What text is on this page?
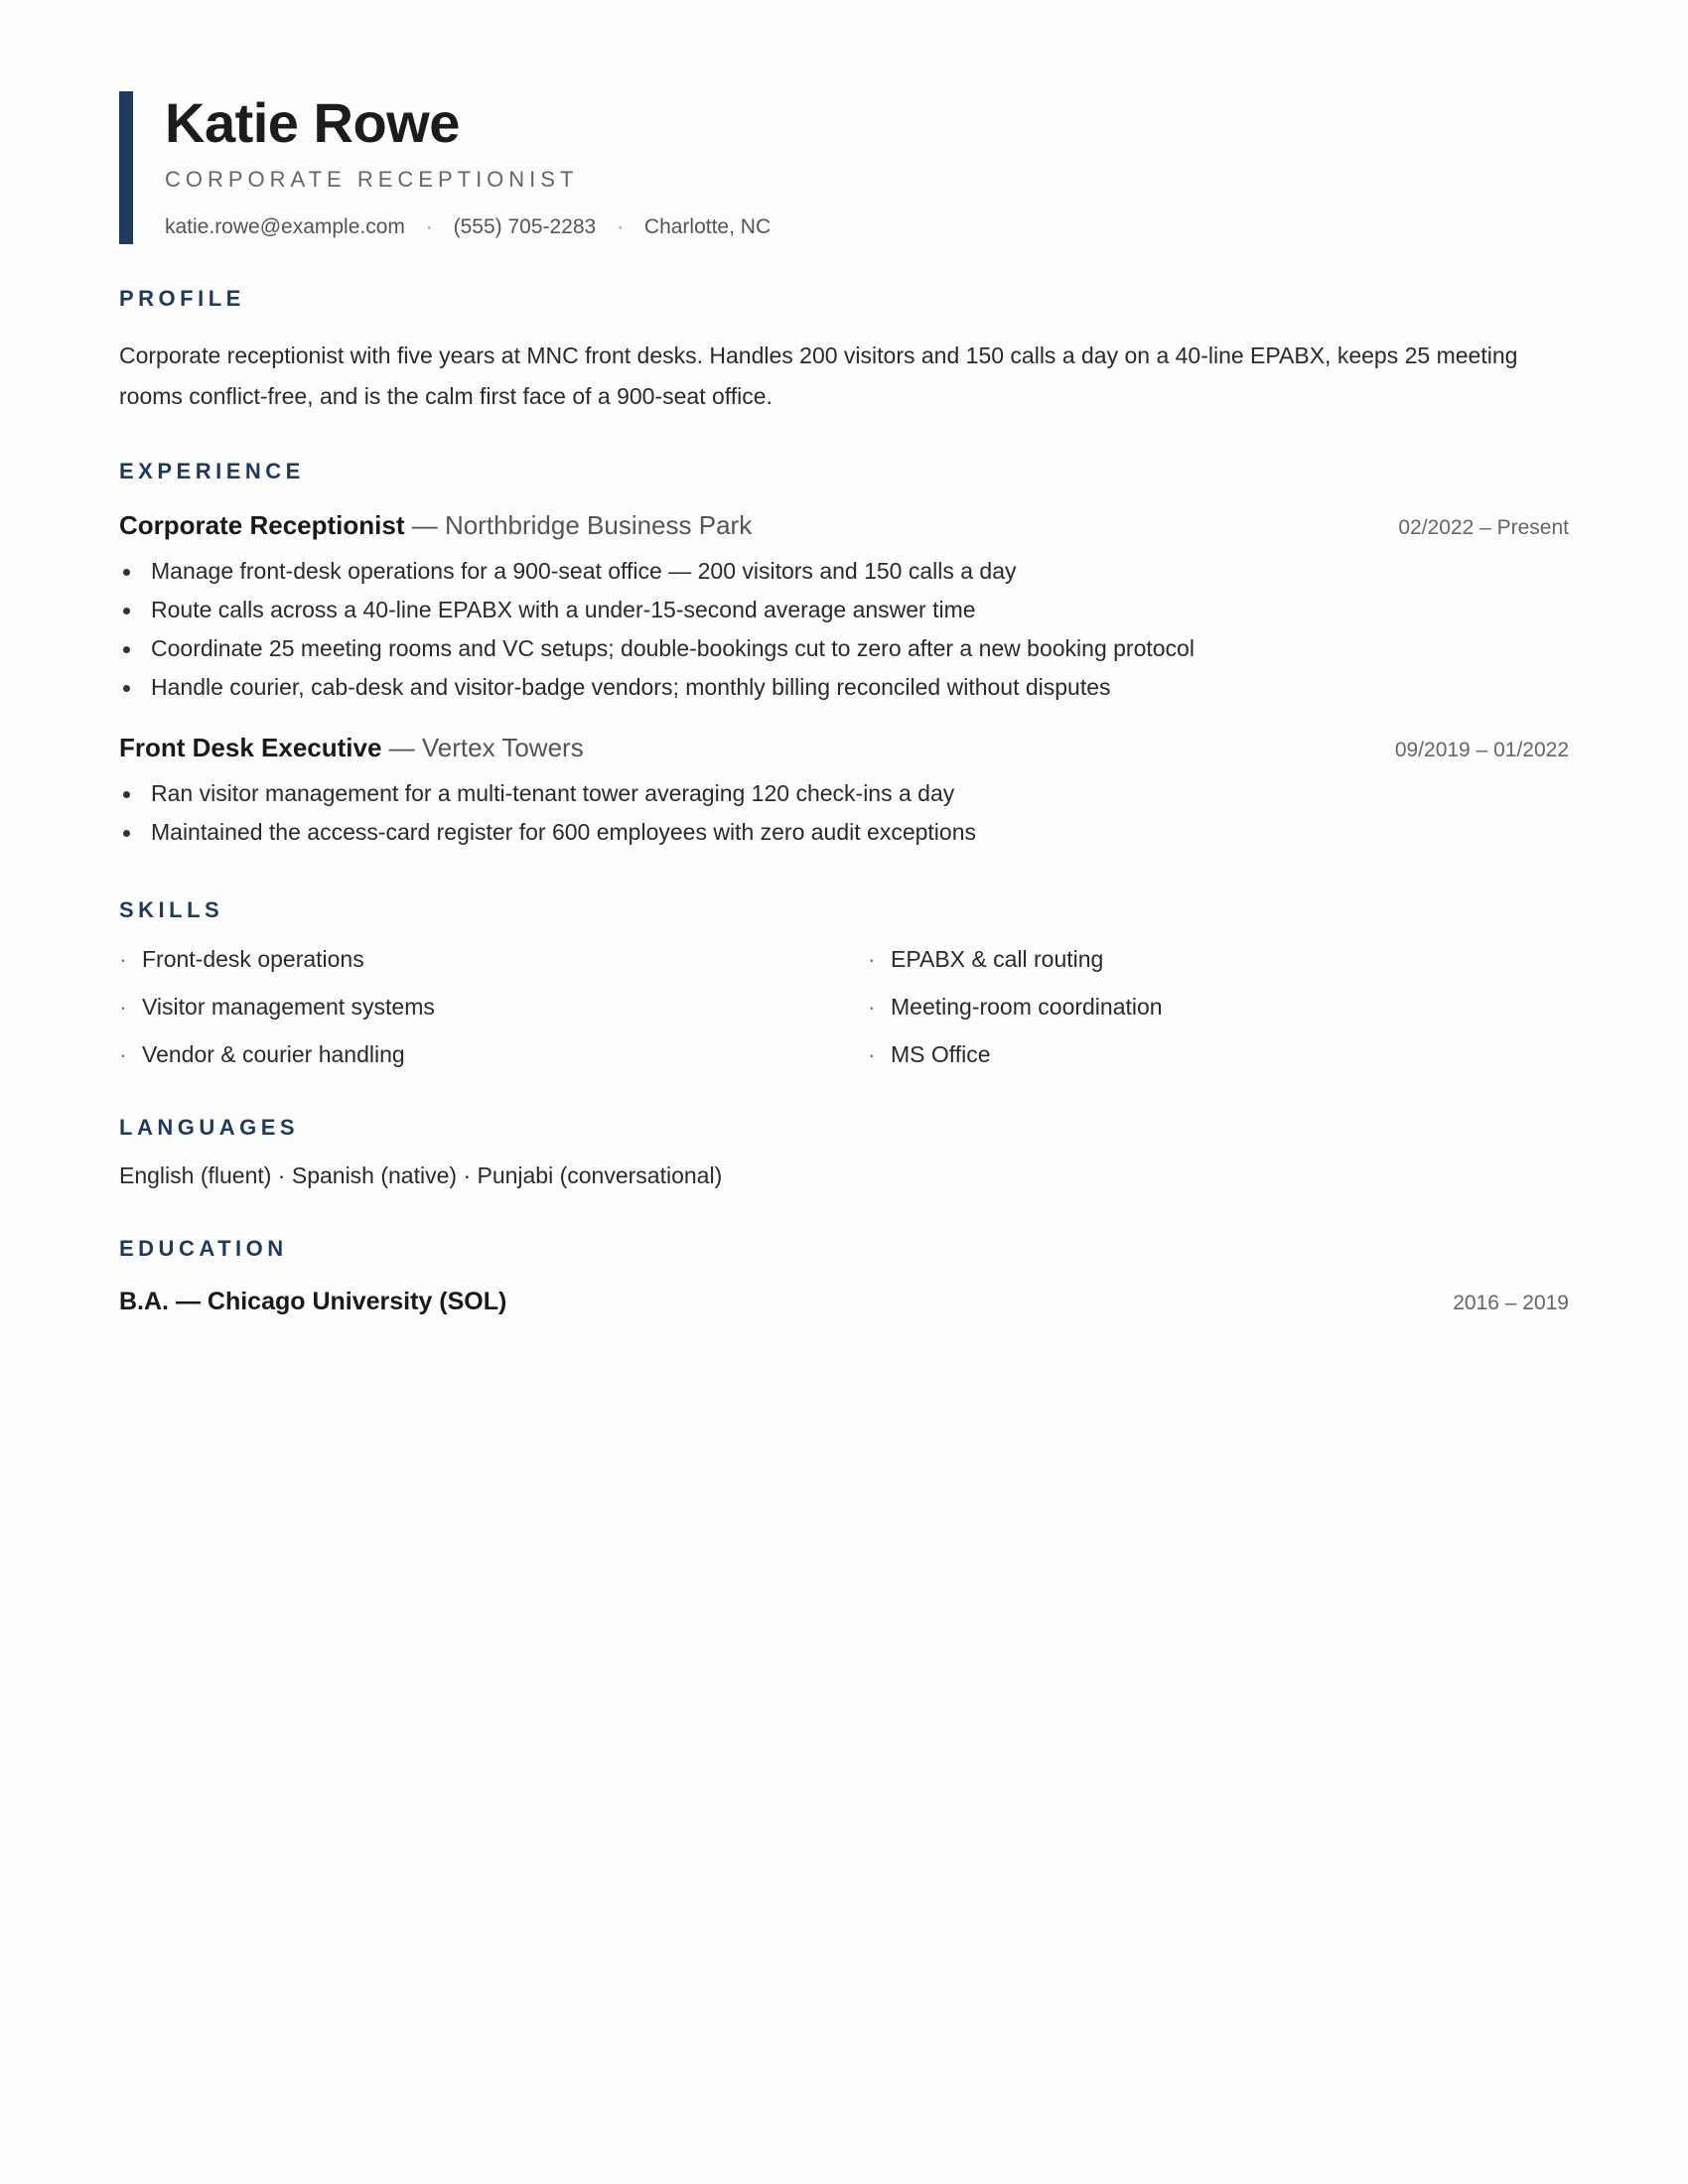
Katie Rowe
CORPORATE RECEPTIONIST
katie.rowe@example.com · (555) 705-2283 · Charlotte, NC
PROFILE
Corporate receptionist with five years at MNC front desks. Handles 200 visitors and 150 calls a day on a 40-line EPABX, keeps 25 meeting rooms conflict-free, and is the calm first face of a 900-seat office.
EXPERIENCE
Corporate Receptionist — Northbridge Business Park	02/2022 – Present
Manage front-desk operations for a 900-seat office — 200 visitors and 150 calls a day
Route calls across a 40-line EPABX with a under-15-second average answer time
Coordinate 25 meeting rooms and VC setups; double-bookings cut to zero after a new booking protocol
Handle courier, cab-desk and visitor-badge vendors; monthly billing reconciled without disputes
Front Desk Executive — Vertex Towers	09/2019 – 01/2022
Ran visitor management for a multi-tenant tower averaging 120 check-ins a day
Maintained the access-card register for 600 employees with zero audit exceptions
SKILLS
· Front-desk operations	· EPABX & call routing
· Visitor management systems	· Meeting-room coordination
· Vendor & courier handling	· MS Office
LANGUAGES
English (fluent) · Spanish (native) · Punjabi (conversational)
EDUCATION
B.A. — Chicago University (SOL)	2016 – 2019
